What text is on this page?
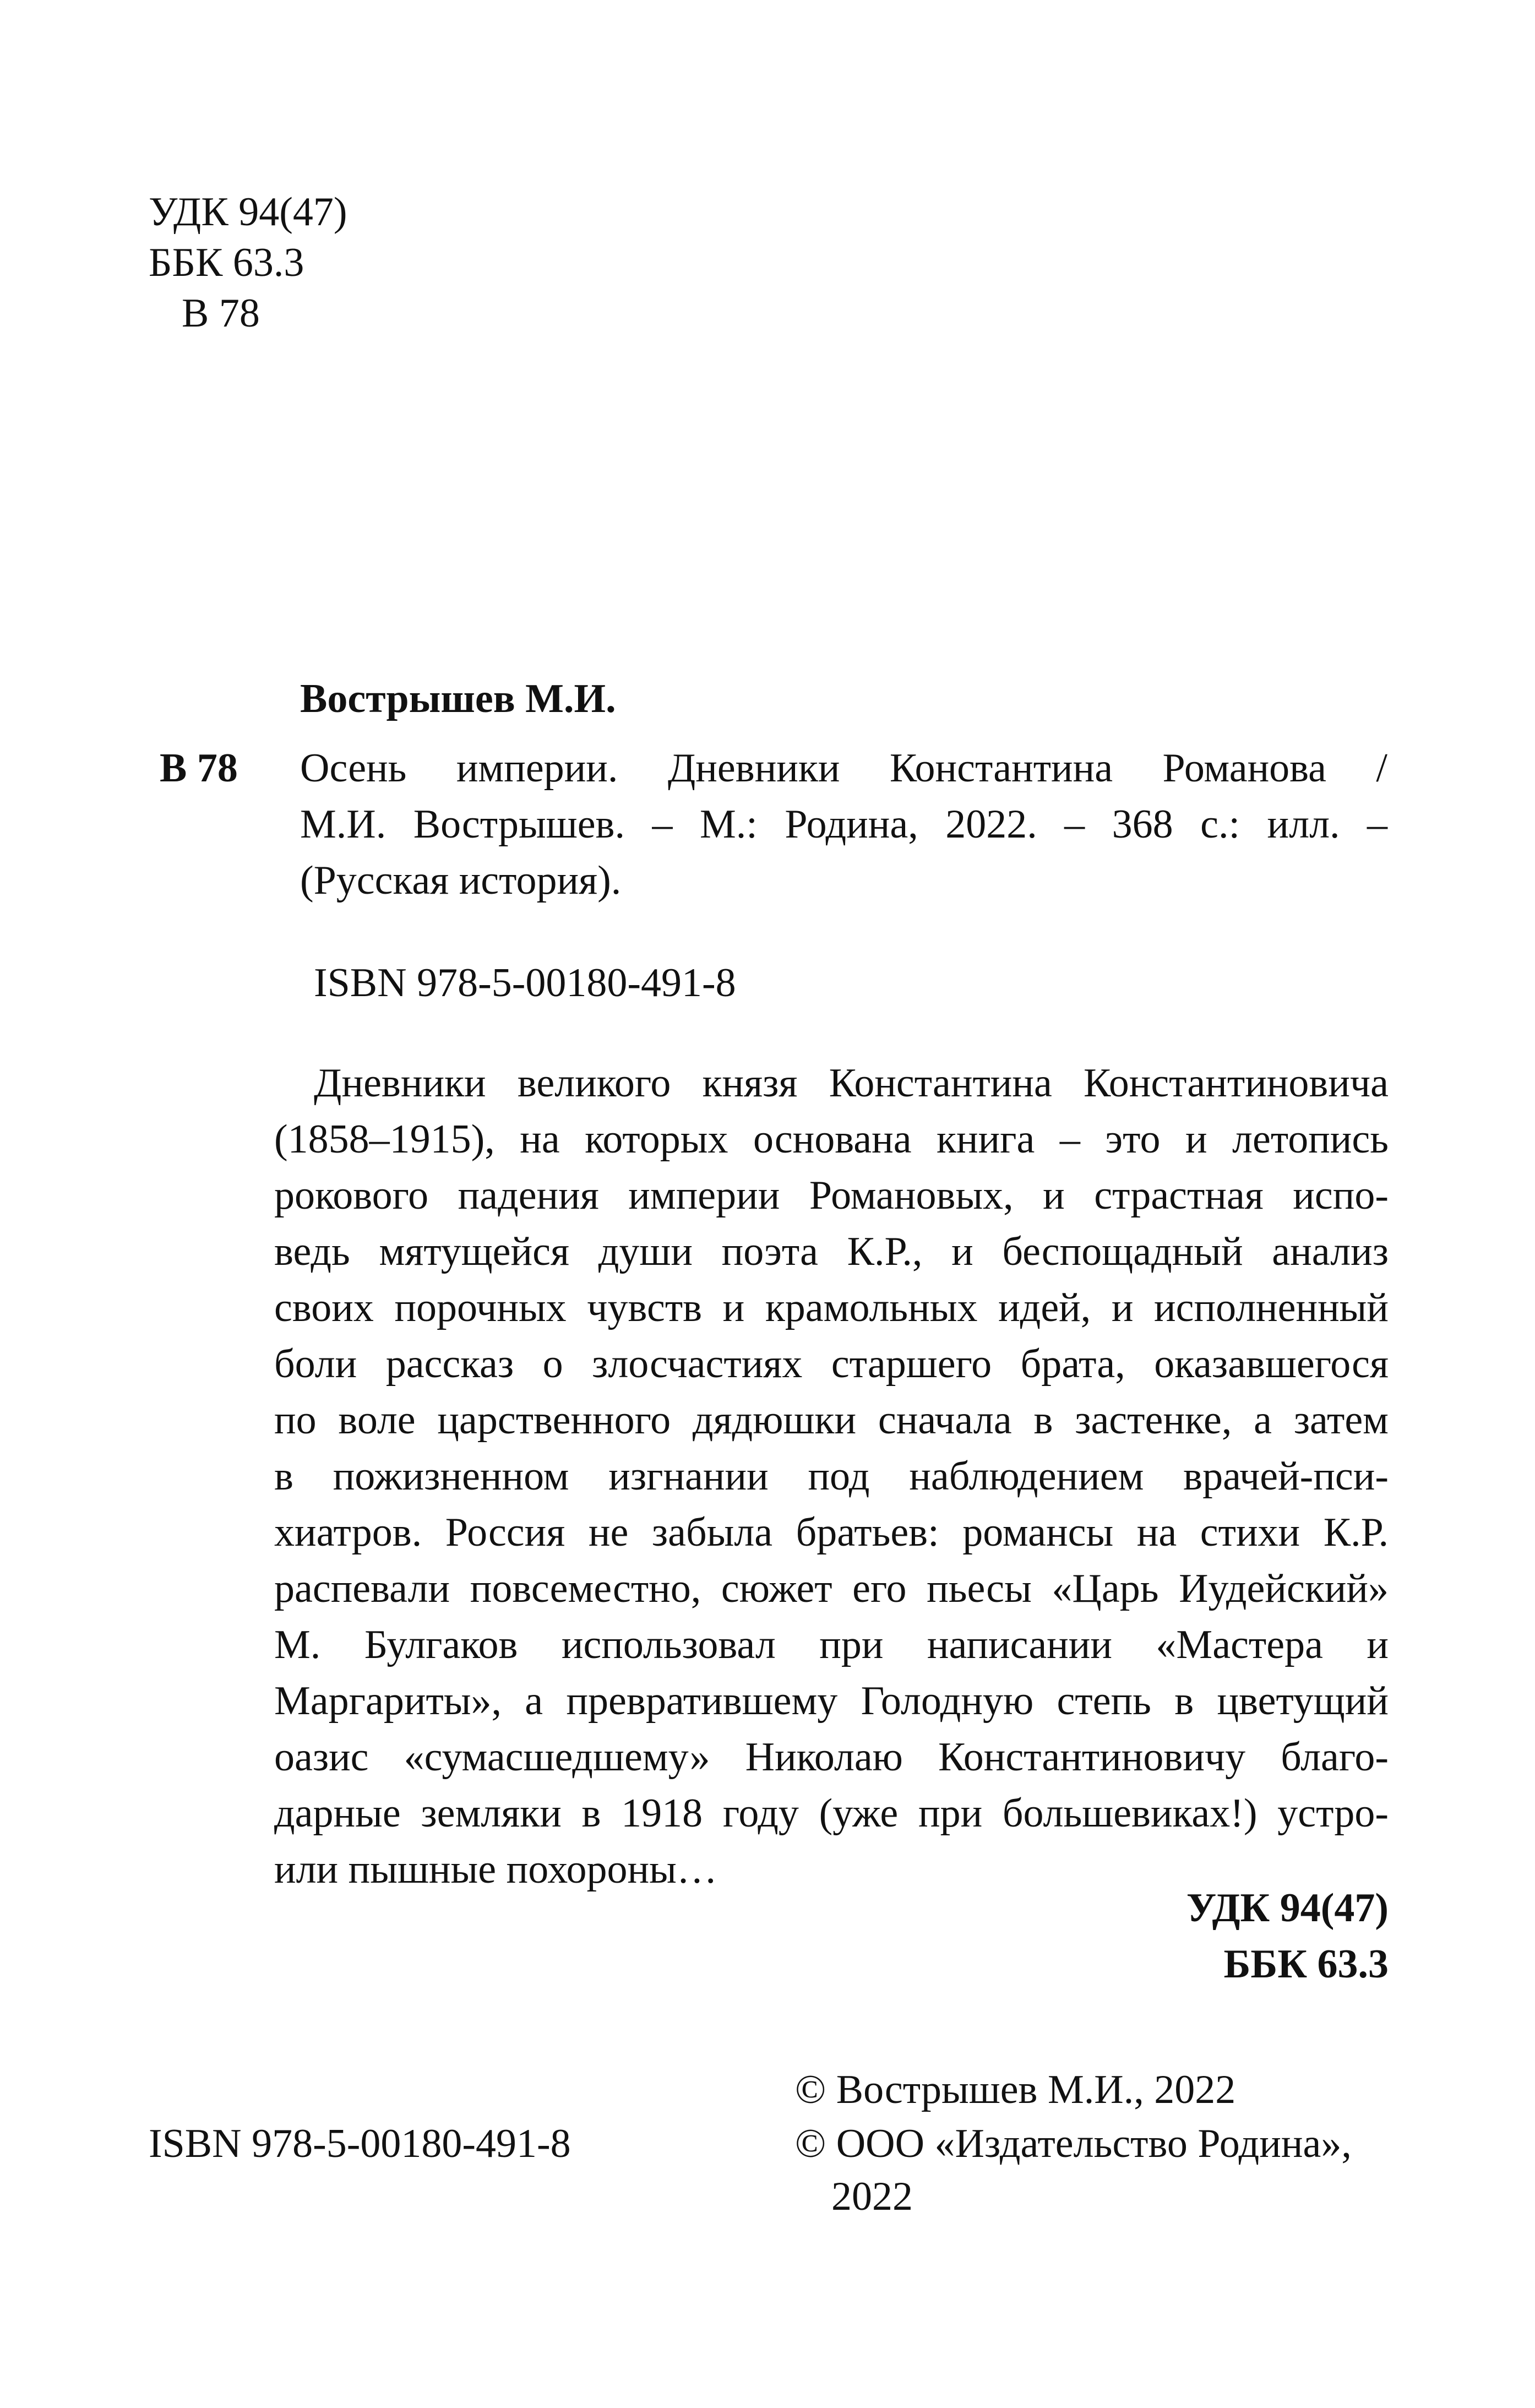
УДК 94(47)
ББК 63.3
В 78
Вострышев М.И.
В 78 Осень империи. Дневники Константина Романова /
М.И. Вострышев. – М.: Родина, 2022. – 368 с.: илл. –
(Русская история).
ISBN 978-5-00180-491-8
Дневники великого князя Константина Константиновича
(1858–1915), на которых основана книга – это и летопись
рокового падения империи Романовых, и страстная испо-
ведь мятущейся души поэта К.Р., и беспощадный анализ
своих порочных чувств и крамольных идей, и исполненный
боли рассказ о злосчастиях старшего брата, оказавшегося
по воле царственного дядюшки сначала в застенке, а затем
в пожизненном изгнании под наблюдением врачей-пси-
хиатров. Россия не забыла братьев: романсы на стихи К.Р.
распевали повсеместно, сюжет его пьесы «Царь Иудейский»
М. Булгаков использовал при написании «Мастера и
Маргариты», а превратившему Голодную степь в цветущий
оазис «сумасшедшему» Николаю Константиновичу благо-
дарные земляки в 1918 году (уже при большевиках!) устро-
или пышные похороны…
УДК 94(47)
ББК 63.3
© Вострышев М.И., 2022
ISBN 978-5-00180-491-8	© ООО «Издательство Родина»,
2022
